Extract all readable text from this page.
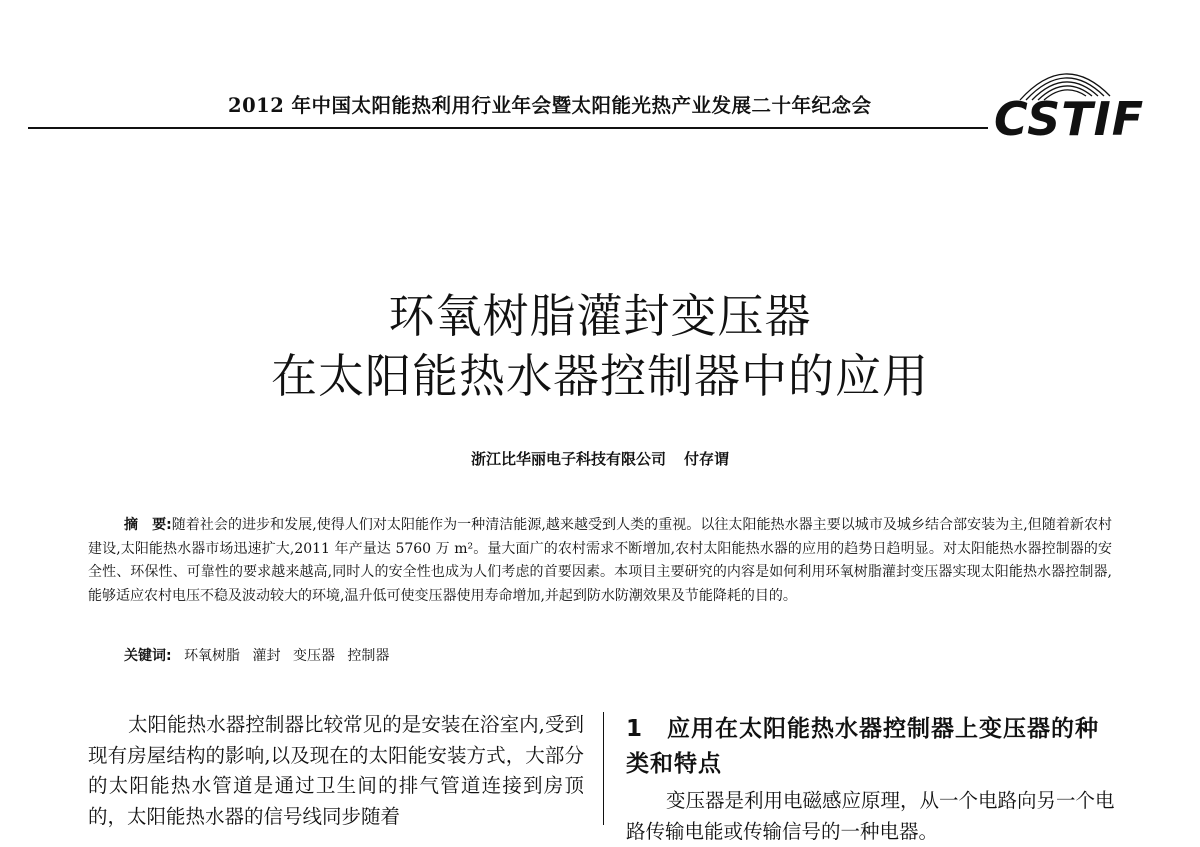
2012 年中国太阳能热利用行业年会暨太阳能光热产业发展二十年纪念会	CSTIF
环氧树脂灌封变压器
在太阳能热水器控制器中的应用
浙江比华丽电子科技有限公司 付存谓
摘　要:随着社会的进步和发展,使得人们对太阳能作为一种清洁能源,越来越受到人类的重视。以往太阳能热水器主要以城市及城乡结合部安装为主,但随着新农村建设,太阳能热水器市场迅速扩大,2011 年产量达 5760 万 m²。量大面广的农村需求不断增加,农村太阳能热水器的应用的趋势日趋明显。对太阳能热水器控制器的安全性、环保性、可靠性的要求越来越高,同时人的安全性也成为人们考虑的首要因素。本项目主要研究的内容是如何利用环氧树脂灌封变压器实现太阳能热水器控制器,能够适应农村电压不稳及波动较大的环境,温升低可使变压器使用寿命增加,并起到防水防潮效果及节能降耗的目的。
关键词: 环氧树脂 灌封 变压器 控制器
太阳能热水器控制器比较常见的是安装在浴室内,受到现有房屋结构的影响,以及现在的太阳能安装方式，大部分的太阳能热水管道是通过卫生间的排气管道连接到房顶的，太阳能热水器的信号线同步随着
1　应用在太阳能热水器控制器上变压器的种类和特点
变压器是利用电磁感应原理，从一个电路向另一个电路传输电能或传输信号的一种电器。
